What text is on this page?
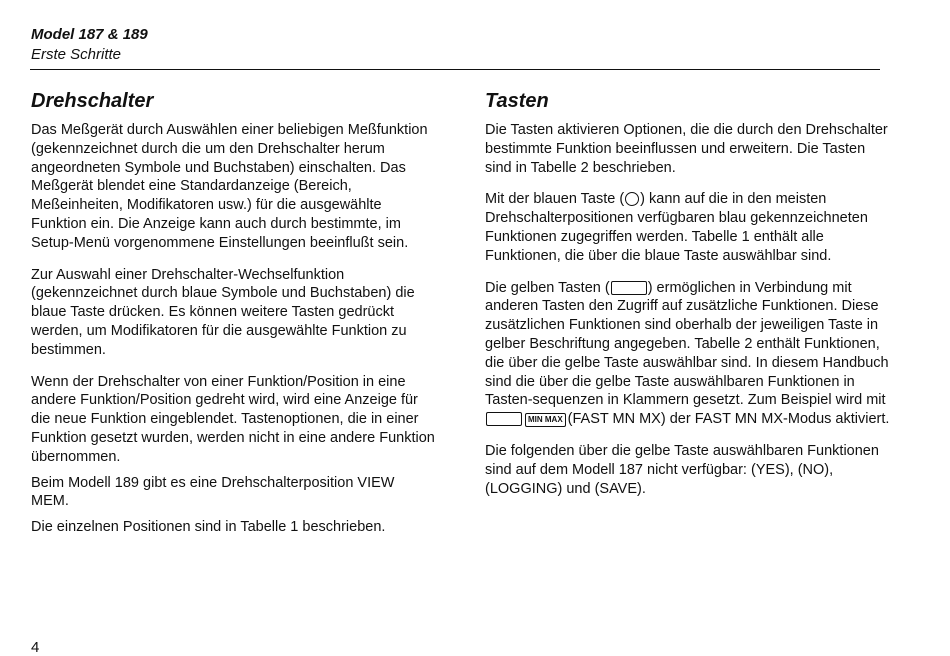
Model 187 & 189
Erste Schritte
Drehschalter

Das Meßgerät durch Auswählen einer beliebigen Meßfunktion (gekennzeichnet durch die um den Drehschalter herum angeordneten Symbole und Buchstaben) einschalten. Das Meßgerät blendet eine Standardanzeige (Bereich, Meßeinheiten, Modifikatoren usw.) für die ausgewählte Funktion ein. Die Anzeige kann auch durch bestimmte, im Setup-Menü vorgenommene Einstellungen beeinflußt sein.

Zur Auswahl einer Drehschalter-Wechselfunktion (gekennzeichnet durch blaue Symbole und Buchstaben) die blaue Taste drücken. Es können weitere Tasten gedrückt werden, um Modifikatoren für die ausgewählte Funktion zu bestimmen.

Wenn der Drehschalter von einer Funktion/Position in eine andere Funktion/Position gedreht wird, wird eine Anzeige für die neue Funktion eingeblendet. Tastenoptionen, die in einer Funktion gesetzt wurden, werden nicht in eine andere Funktion übernommen.

Beim Modell 189 gibt es eine Drehschalterposition VIEW MEM.

Die einzelnen Positionen sind in Tabelle 1 beschrieben.

Tasten

Die Tasten aktivieren Optionen, die die durch den Drehschalter bestimmte Funktion beeinflussen und erweitern. Die Tasten sind in Tabelle 2 beschrieben.

Mit der blauen Taste ( ) kann auf die in den meisten Drehschalterpositionen verfügbaren blau gekennzeichneten Funktionen zugegriffen werden. Tabelle 1 enthält alle Funktionen, die über die blaue Taste auswählbar sind.

Die gelben Tasten (	) ermöglichen in Verbindung mit anderen Tasten den Zugriff auf zusätzliche Funktionen. Diese zusätzlichen Funktionen sind oberhalb der jeweiligen Taste in gelber Beschriftung angegeben. Tabelle 2 enthält Funktionen, die über die gelbe Taste auswählbar sind. In diesem Handbuch sind die über die gelbe Taste auswählbaren Funktionen in Tasten-sequenzen in Klammern gesetzt. Zum Beispiel wird mit MIN MAX (FAST MN MX) der FAST MN MX-Modus aktiviert.

Die folgenden über die gelbe Taste auswählbaren Funktionen sind auf dem Modell 187 nicht verfügbar: (YES), (NO), (LOGGING) und (SAVE).

4
